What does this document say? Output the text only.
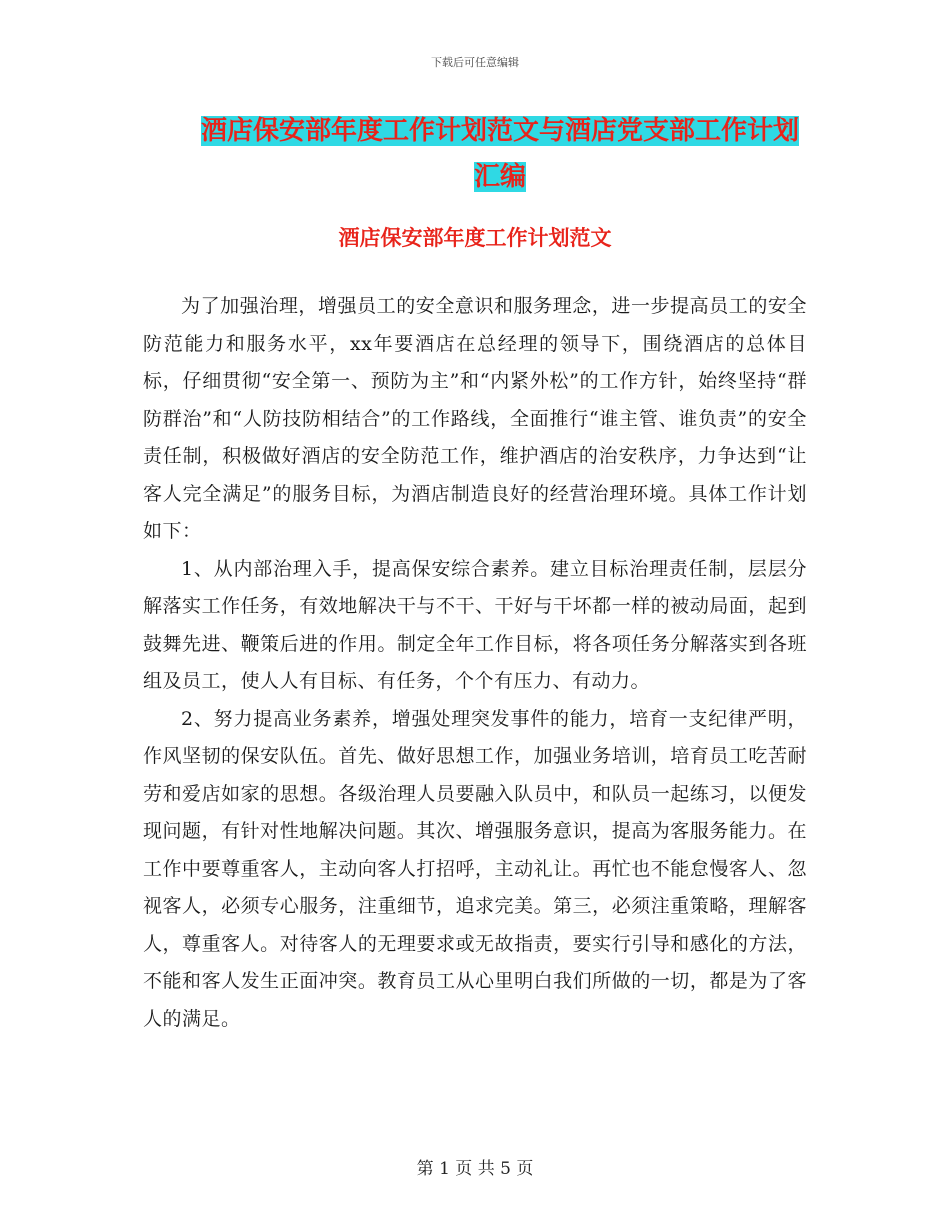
下载后可任意编辑
酒店保安部年度工作计划范文与酒店党支部工作计划汇编
酒店保安部年度工作计划范文

为了加强治理，增强员工的安全意识和服务理念，进一步提高员工的安全防范能力和服务水平，xx年要酒店在总经理的领导下，围绕酒店的总体目标，仔细贯彻“安全第一、预防为主”和“内紧外松”的工作方针，始终坚持“群防群治”和“人防技防相结合”的工作路线，全面推行“谁主管、谁负责”的安全责任制，积极做好酒店的安全防范工作，维护酒店的治安秩序，力争达到“让客人完全满足”的服务目标，为酒店制造良好的经营治理环境。具体工作计划如下：

1、从内部治理入手，提高保安综合素养。建立目标治理责任制，层层分解落实工作任务，有效地解决干与不干、干好与干坏都一样的被动局面，起到鼓舞先进、鞭策后进的作用。制定全年工作目标，将各项任务分解落实到各班组及员工，使人人有目标、有任务，个个有压力、有动力。

2、努力提高业务素养，增强处理突发事件的能力，培育一支纪律严明，作风坚韧的保安队伍。首先、做好思想工作，加强业务培训，培育员工吃苦耐劳和爱店如家的思想。各级治理人员要融入队员中，和队员一起练习，以便发现问题，有针对性地解决问题。其次、增强服务意识，提高为客服务能力。在工作中要尊重客人，主动向客人打招呼，主动礼让。再忙也不能怠慢客人、忽视客人，必须专心服务，注重细节，追求完美。第三，必须注重策略，理解客人，尊重客人。对待客人的无理要求或无故指责，要实行引导和感化的方法，不能和客人发生正面冲突。教育员工从心里明白我们所做的一切，都是为了客人的满足。

第 1 页 共 5 页
